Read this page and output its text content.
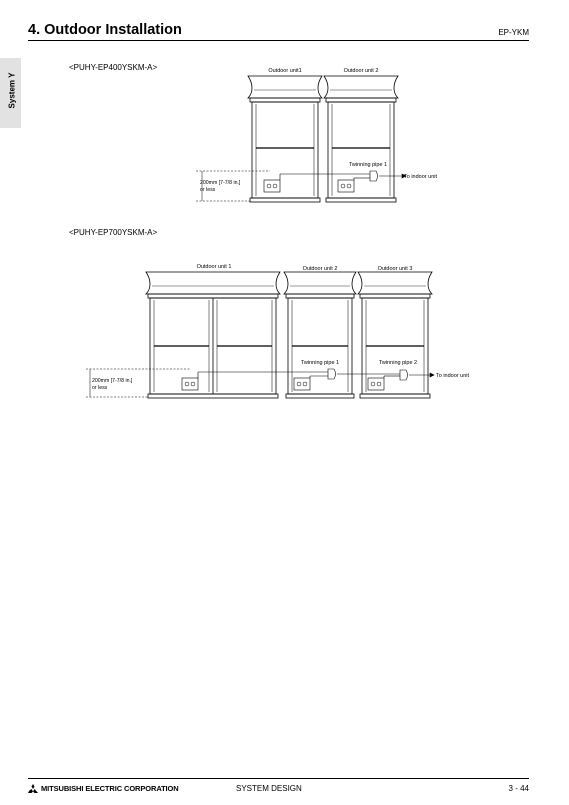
4. Outdoor Installation	EP-YKM
System Y
<PUHY-EP400YSKM-A>
<PUHY-EP700YSKM-A>
Outdoor unit1	Outdoor unit 2
Twinning pipe 1
To indoor unit
200mm [7-7/8 in.]
or less
Outdoor unit 1	Outdoor unit 2	Outdoor unit 3
Twinning pipe 1	Twinning pipe 2
To indoor unit
200mm [7-7/8 in.]
or less
MITSUBISHI ELECTRIC CORPORATION	SYSTEM DESIGN	3 - 44
